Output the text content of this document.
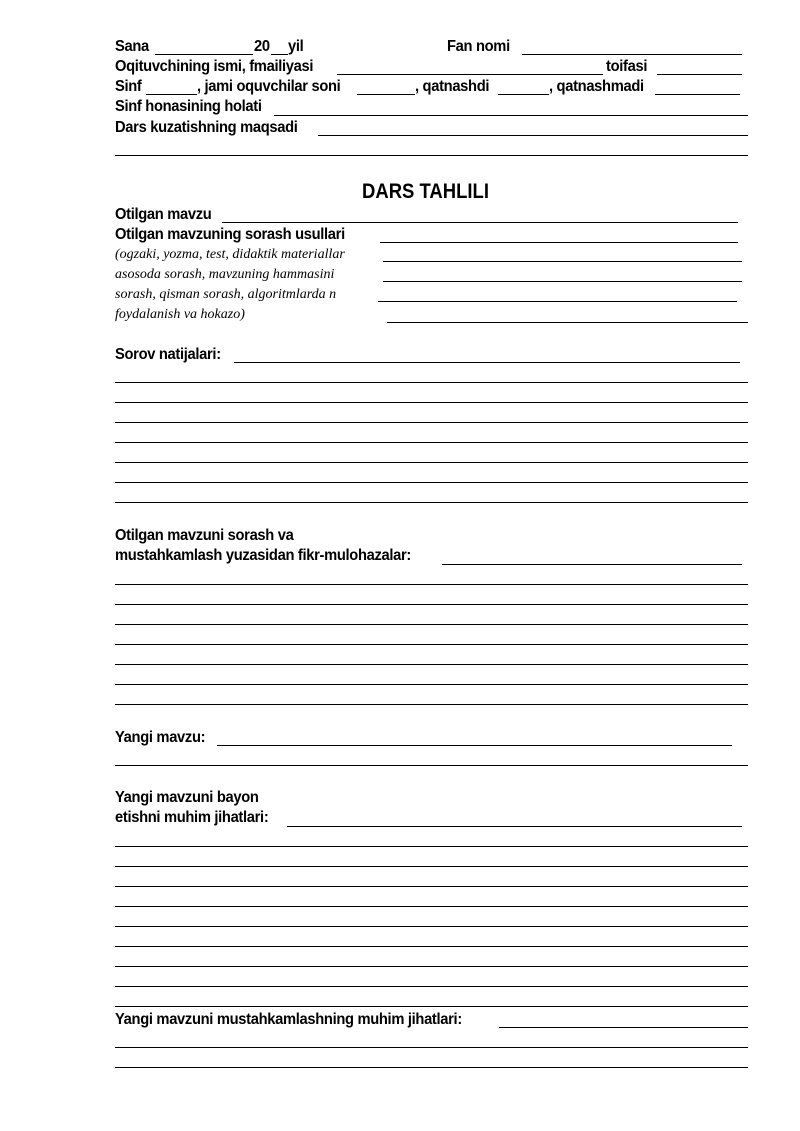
Sana	20 yil	Fan nomi
Oqituvchining ismi, fmailiyasi	toifasi
Sinf	, jami oquvchilar soni	, qatnashdi	, qatnashmadi
Sinf honasining holati
Dars kuzatishning maqsadi
DARS TAHLILI
Otilgan mavzu
Otilgan mavzuning sorash usullari
(ogzaki, yozma, test, didaktik materiallar
asosoda sorash, mavzuning hammasini
sorash, qisman sorash, algoritmlarda n
foydalanish va hokazo)
Sorov natijalari:
Otilgan mavzuni sorash va
mustahkamlash yuzasidan fikr-mulohazalar:
Yangi mavzu:
Yangi mavzuni bayon
etishni muhim jihatlari:
Yangi mavzuni mustahkamlashning muhim jihatlari:
